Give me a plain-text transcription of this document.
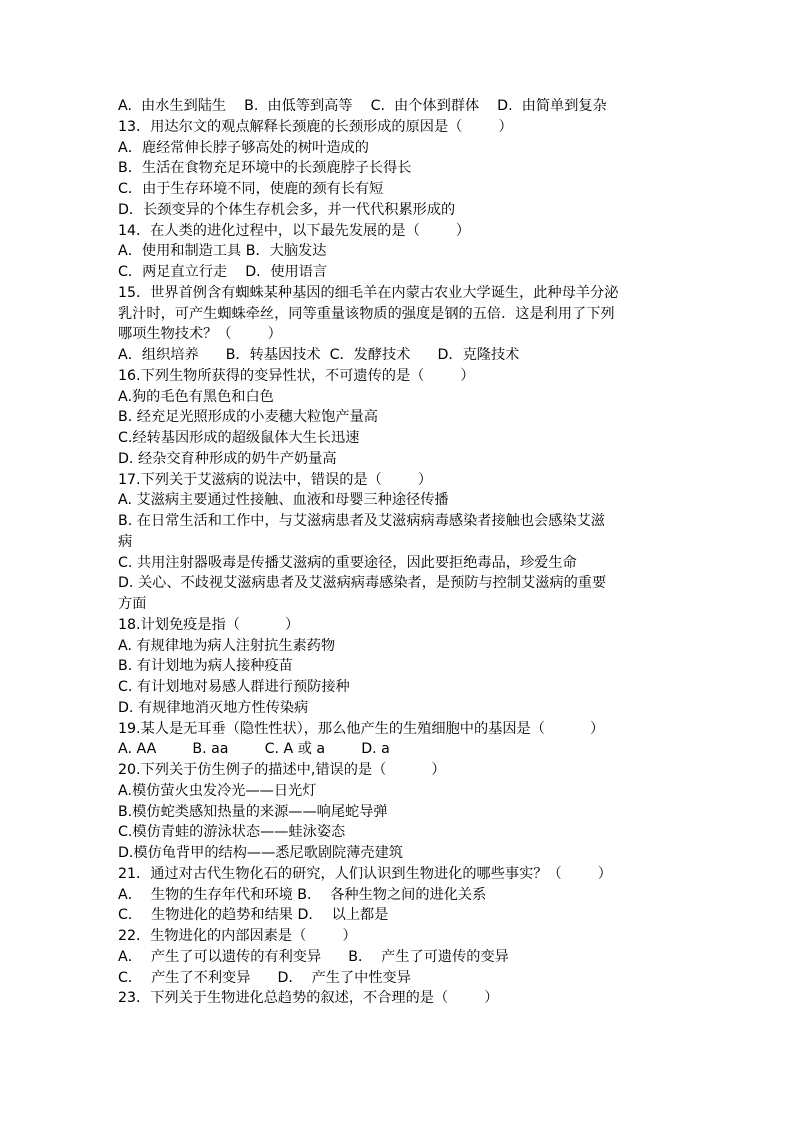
A.  由水生到陆生    B.  由低等到高等    C.  由个体到群体    D.  由简单到复杂
13．用达尔文的观点解释长颈鹿的长颈形成的原因是（        ）
A．鹿经常伸长脖子够高处的树叶造成的
B．生活在食物充足环境中的长颈鹿脖子长得长
C．由于生存环境不同，使鹿的颈有长有短
D．长颈变异的个体生存机会多，并一代代积累形成的
14．在人类的进化过程中，以下最先发展的是（        ）
A．使用和制造工具 B．大脑发达
C．两足直立行走    D．使用语言
15．世界首例含有蜘蛛某种基因的细毛羊在内蒙古农业大学诞生，此种母羊分泌
乳汁时，可产生蜘蛛牵丝，同等重量该物质的强度是钢的五倍．这是利用了下列
哪项生物技术？（        ）
A．组织培养      B．转基因技术  C．发酵技术      D．克隆技术
16.下列生物所获得的变异性状，不可遗传的是（        ）
A.狗的毛色有黑色和白色
B. 经充足光照形成的小麦穗大粒饱产量高
C.经转基因形成的超级鼠体大生长迅速
D. 经杂交育种形成的奶牛产奶量高
17.下列关于艾滋病的说法中，错误的是（        ）
A. 艾滋病主要通过性接触、血液和母婴三种途径传播
B. 在日常生活和工作中，与艾滋病患者及艾滋病病毒感染者接触也会感染艾滋
病
C. 共用注射器吸毒是传播艾滋病的重要途径，因此要拒绝毒品，珍爱生命
D. 关心、不歧视艾滋病患者及艾滋病病毒感染者，是预防与控制艾滋病的重要
方面
18.计划免疫是指（          ）
A. 有规律地为病人注射抗生素药物
B. 有计划地为病人接种疫苗
C. 有计划地对易感人群进行预防接种
D. 有规律地消灭地方性传染病
19.某人是无耳垂（隐性性状），那么他产生的生殖细胞中的基因是（          ）
A. AA        B. aa        C. A 或 a        D. a
20.下列关于仿生例子的描述中,错误的是（          ）
A.模仿萤火虫发冷光——日光灯
B.模仿蛇类感知热量的来源——响尾蛇导弹
C.模仿青蛙的游泳状态——蛙泳姿态
D.模仿龟背甲的结构——悉尼歌剧院薄壳建筑
21．通过对古代生物化石的研究，人们认识到生物进化的哪些事实？（        ）
A．  生物的生存年代和环境 B．  各种生物之间的进化关系
C．  生物进化的趋势和结果 D．  以上都是
22．生物进化的内部因素是（        ）
A．  产生了可以遗传的有利变异      B．  产生了可遗传的变异
C．  产生了不利变异      D．  产生了中性变异
23．下列关于生物进化总趋势的叙述，不合理的是（        ）
